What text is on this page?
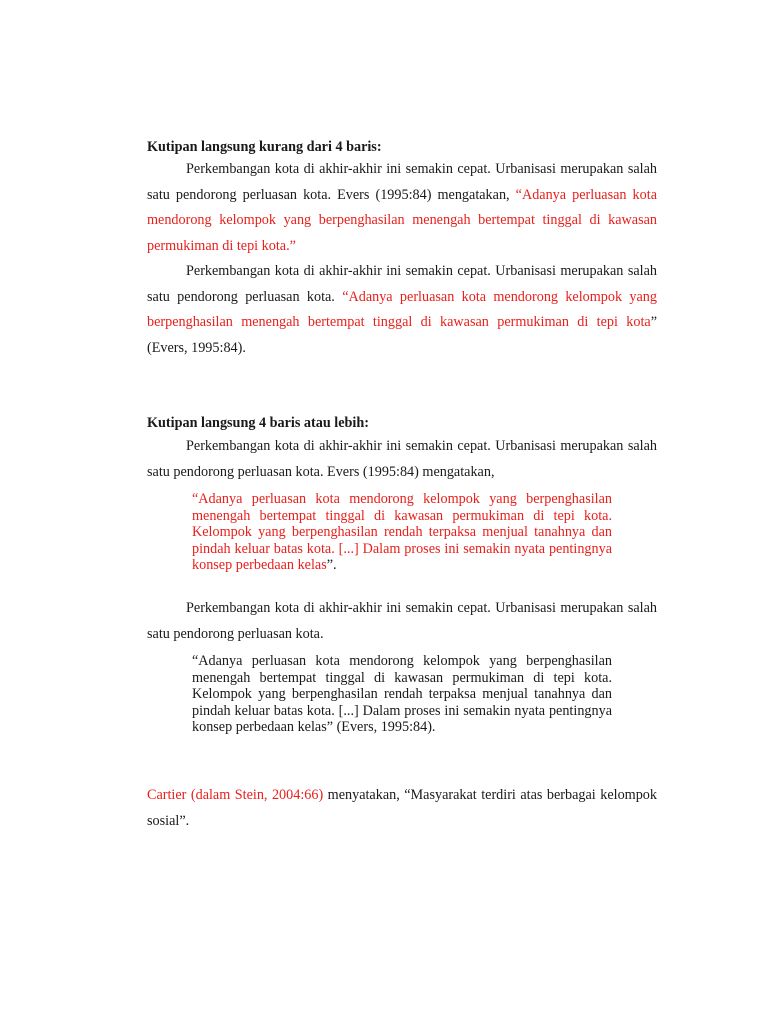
Kutipan langsung kurang dari 4 baris:

Perkembangan kota di akhir-akhir ini semakin cepat. Urbanisasi merupakan salah satu pendorong perluasan kota. Evers (1995:84) mengatakan, “Adanya perluasan kota mendorong kelompok yang berpenghasilan menengah bertempat tinggal di kawasan permukiman di tepi kota.”

Perkembangan kota di akhir-akhir ini semakin cepat. Urbanisasi merupakan salah satu pendorong perluasan kota. “Adanya perluasan kota mendorong kelompok yang berpenghasilan menengah bertempat tinggal di kawasan permukiman di tepi kota” (Evers, 1995:84).

Kutipan langsung 4 baris atau lebih:

Perkembangan kota di akhir-akhir ini semakin cepat. Urbanisasi merupakan salah satu pendorong perluasan kota. Evers (1995:84) mengatakan,

“Adanya perluasan kota mendorong kelompok yang berpenghasilan menengah bertempat tinggal di kawasan permukiman di tepi kota. Kelompok yang berpenghasilan rendah terpaksa menjual tanahnya dan pindah keluar batas kota. [...] Dalam proses ini semakin nyata pentingnya konsep perbedaan kelas”.

Perkembangan kota di akhir-akhir ini semakin cepat. Urbanisasi merupakan salah satu pendorong perluasan kota.

“Adanya perluasan kota mendorong kelompok yang berpenghasilan menengah bertempat tinggal di kawasan permukiman di tepi kota. Kelompok yang berpenghasilan rendah terpaksa menjual tanahnya dan pindah keluar batas kota. [...] Dalam proses ini semakin nyata pentingnya konsep perbedaan kelas” (Evers, 1995:84).

Cartier (dalam Stein, 2004:66) menyatakan, “Masyarakat terdiri atas berbagai kelompok sosial”.
